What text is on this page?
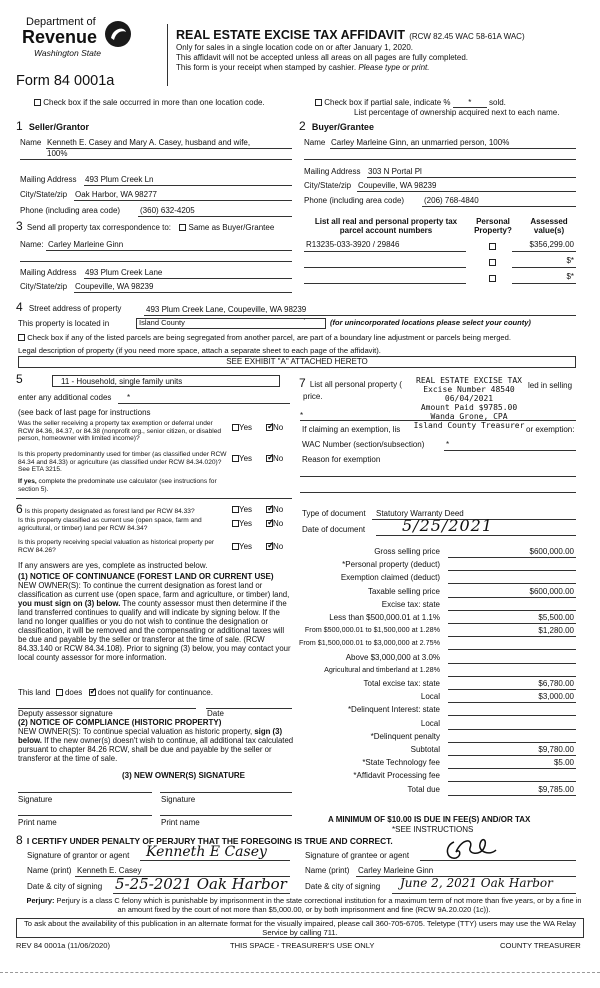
Department of
Revenue
Washington State
Form 84 0001a
REAL ESTATE EXCISE TAX AFFIDAVIT (RCW 82.45 WAC 58-61A WAC)
Only for sales in a single location code on or after January 1, 2020.
This affidavit will not be accepted unless all areas on all pages are fully completed.
This form is your receipt when stamped by cashier. Please type or print.
Check box if the sale occurred in more than one location code.	Check box if partial sale, indicate % * sold.
List percentage of ownership acquired next to each name.
1 Seller/Grantor
Name Kenneth E. Casey and Mary A. Casey, husband and wife,
100%
Mailing Address 493 Plum Creek Ln
City/State/zip Oak Harbor, WA 98277
Phone (including area code) (360) 632-4205
2 Buyer/Grantee
Name Carley Marleine Ginn, an unmarried person, 100%
Mailing Address 303 N Portal Pl
City/State/zip Coupeville, WA 98239
Phone (including area code) (206) 768-4840
3 Send all property tax correspondence to: Same as Buyer/Grantee
Name: Carley Marleine Ginn
Mailing Address 493 Plum Creek Lane
City/State/zip Coupeville, WA 98239
List all real and personal property tax parcel account numbers
Personal Property?
Assessed value(s)
R13235-033-3920 / 29846	$356,299.00
$*
$*
4 Street address of property	493 Plum Creek Lane, Coupeville, WA 98239
This property is located in	Island County	‘	(for unincorporated locations please select your county)
Check box if any of the listed parcels are being segregated from another parcel, are part of a boundary line adjustment or parcels being merged.
Legal description of property (if you need more space, attach a separate sheet to each page of the affidavit).
SEE EXHIBIT "A" ATTACHED HERETO
5	11 - Household, single family units
enter any additional codes *
(see back of last page for instructions
Was the seller receiving a property tax exemption or deferral under RCW 84.36, 84.37, or 84.38 (nonprofit org., senior citizen, or disabled person, homeowner with limited income)?
Yes ✓	No
Is this property predominantly used for timber (as classified under RCW 84.34 and 84.33) or agriculture (as classified under RCW 84.34.020)? See ETA 3215.
Yes ✓	No
If yes, complete the predominate use calculator (see instructions for section 5).
6 Is this property designated as forest land per RCW 84.33?	Yes ✓	No
Is this property classified as current use (open space, farm and agricultural, or timber) land per RCW 84.34?
Yes ✓	No
Is this property receiving special valuation as historical property per RCW 84.26?	Yes ✓	No
If any answers are yes, complete as instructed below.
(1) NOTICE OF CONTINUANCE (FOREST LAND OR CURRENT USE)
NEW OWNER(S): To continue the current designation as forest land or classification as current use (open space, farm and agriculture, or timber) land, you must sign on (3) below. The county assessor must then determine if the land transferred continues to qualify and will indicate by signing below. If the land no longer qualifies or you do not wish to continue the designation or classification, it will be removed and the compensating or additional taxes will be due and payable by the seller or transferor at the time of sale. (RCW 84.33.140 or RCW 84.34.108). Prior to signing (3) below, you may contact your local county assessor for more information.
This land does ✓ does not qualify for continuance.
Deputy assessor signature	Date
(2) NOTICE OF COMPLIANCE (HISTORIC PROPERTY)
NEW OWNER(S): To continue special valuation as historic property, sign (3) below. If the new owner(s) doesn't wish to continue, all additional tax calculated pursuant to chapter 84.26 RCW, shall be due and payable by the seller or transferor at the time of sale.
(3) NEW OWNER(S) SIGNATURE
Signature	Signature
Print name	Print name
7 List all personal property (	led in selling
price.
REAL ESTATE EXCISE TAX
Excise Number 48540
06/04/2021
Amount Paid $9785.00
Wanda Grone, CPA
Island County Treasurer
*
If claiming an exemption, lis	or exemption:
WAC Number (section/subsection)	*
Reason for exemption
Type of document Statutory Warranty Deed
Date of document 5/25/2021
Gross selling price	$600,000.00
*Personal property (deduct)
Exemption claimed (deduct)
Taxable selling price	$600,000.00
Excise tax: state
Less than $500,000.01 at 1.1%	$5,500.00
From $500,000.01 to $1,500,000 at 1.28%	$1,280.00
From $1,500,000.01 to $3,000,000 at 2.75%
Above $3,000,000 at 3.0%
Agricultural and timberland at 1.28%
Total excise tax: state	$6,780.00
Local	$3,000.00
*Delinquent Interest: state
Local
*Delinquent penalty
Subtotal	$9,780.00
*State Technology fee	$5.00
*Affidavit Processing fee
Total due	$9,785.00
A MINIMUM OF $10.00 IS DUE IN FEE(S) AND/OR TAX
*SEE INSTRUCTIONS
8 I CERTIFY UNDER PENALTY OF PERJURY THAT THE FOREGOING IS TRUE AND CORRECT.
Signature of grantor or agent Kenneth E Casey
Name (print) Kenneth E. Casey
Date & city of signing 5-25-2021 Oak Harbor
Signature of grantee or agent
Name (print) Carley Marleine Ginn
Date & city of signing June 2, 2021 Oak Harbor
Perjury: Perjury is a class C felony which is punishable by imprisonment in the state correctional institution for a maximum term of not more than five years, or by a fine in an amount fixed by the court of not more than $5,000.00, or by both imprisonment and fine (RCW 9A.20.020 (1c)).
To ask about the availability of this publication in an alternate format for the visually impaired, please call 360-705-6705. Teletype (TTY) users may use the WA Relay Service by calling 711.
REV 84 0001a (11/06/2020)	THIS SPACE - TREASURER'S USE ONLY	COUNTY TREASURER
